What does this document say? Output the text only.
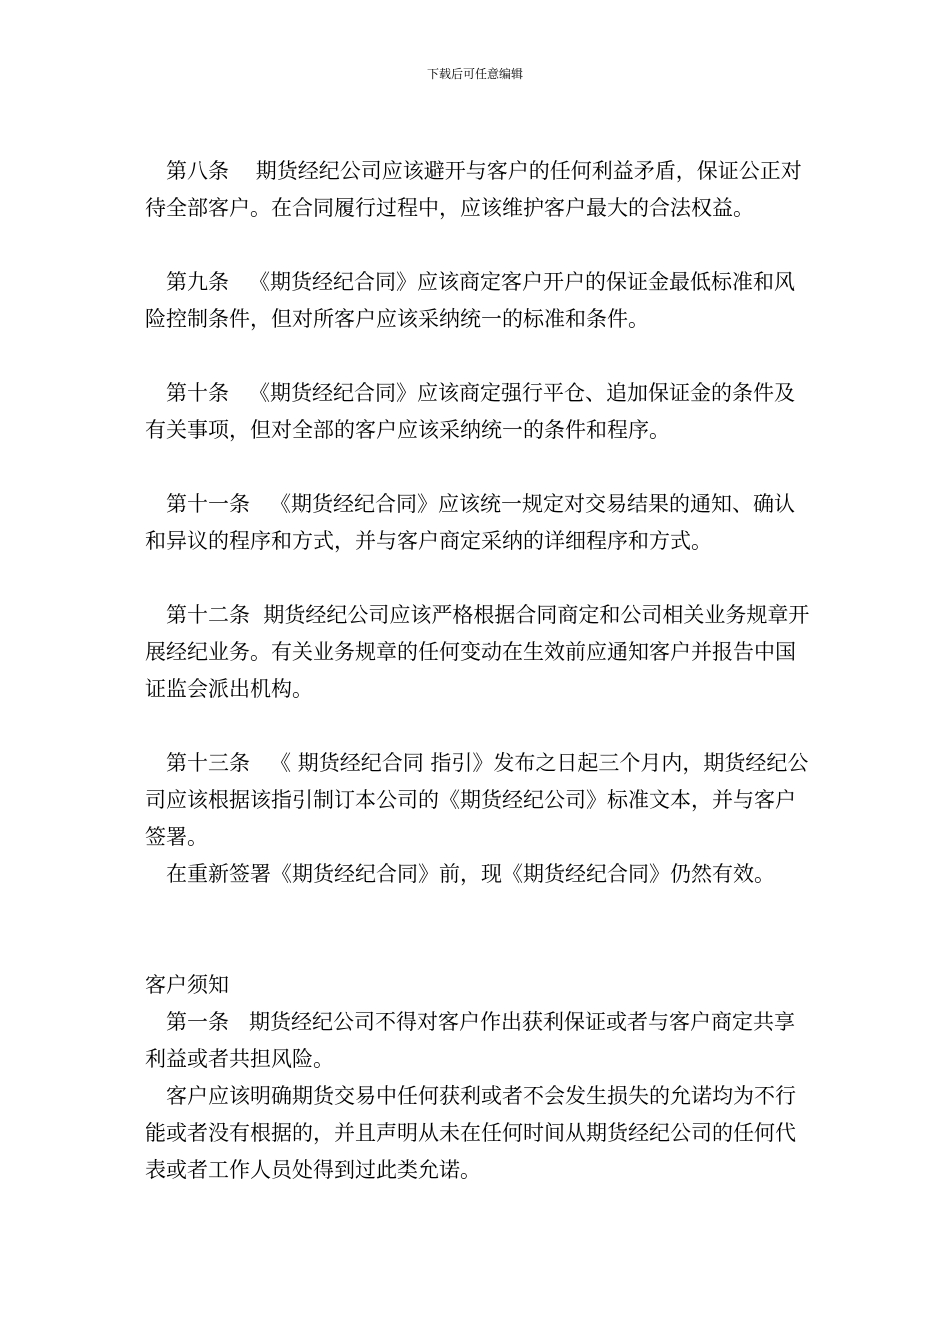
下载后可任意编辑

第八条 期货经纪公司应该避开与客户的任何利益矛盾，保证公正对待全部客户。在合同履行过程中，应该维护客户最大的合法权益。

第九条 《期货经纪合同》应该商定客户开户的保证金最低标准和风险控制条件，但对所客户应该采纳统一的标准和条件。

第十条 《期货经纪合同》应该商定强行平仓、追加保证金的条件及有关事项，但对全部的客户应该采纳统一的条件和程序。

第十一条 《期货经纪合同》应该统一规定对交易结果的通知、确认和异议的程序和方式，并与客户商定采纳的详细程序和方式。

第十二条 期货经纪公司应该严格根据合同商定和公司相关业务规章开展经纪业务。有关业务规章的任何变动在生效前应通知客户并报告中国证监会派出机构。

第十三条 《 期货经纪合同 指引》发布之日起三个月内，期货经纪公司应该根据该指引制订本公司的《期货经纪公司》标准文本，并与客户签署。

在重新签署《期货经纪合同》前，现《期货经纪合同》仍然有效。

客户须知

第一条 期货经纪公司不得对客户作出获利保证或者与客户商定共享利益或者共担风险。

客户应该明确期货交易中任何获利或者不会发生损失的允诺均为不行能或者没有根据的，并且声明从未在任何时间从期货经纪公司的任何代表或者工作人员处得到过此类允诺。
